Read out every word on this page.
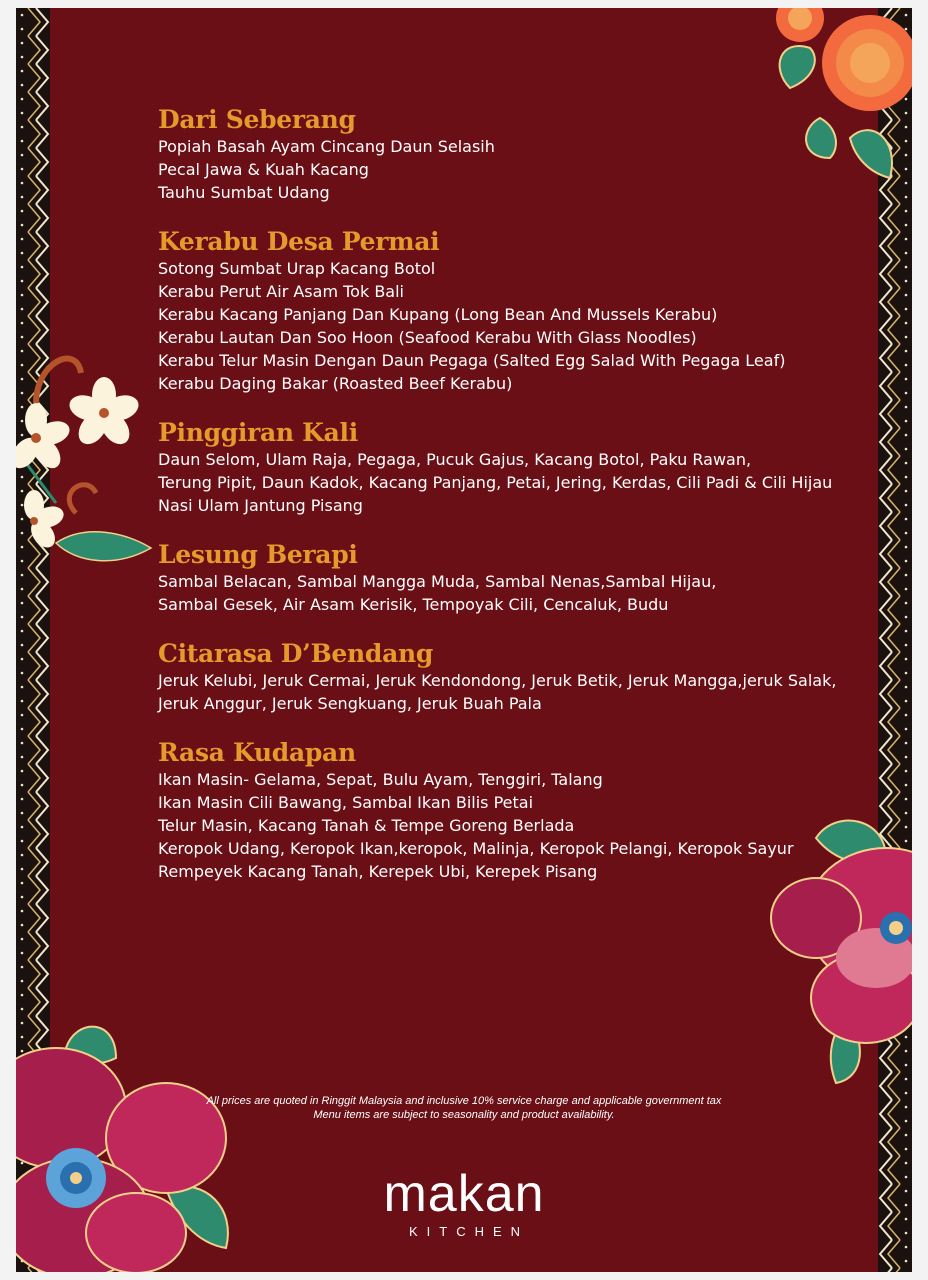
Dari Seberang
Popiah Basah Ayam Cincang Daun Selasih
Pecal Jawa & Kuah Kacang
Tauhu Sumbat Udang
Kerabu Desa Permai
Sotong Sumbat Urap Kacang Botol
Kerabu Perut Air Asam Tok Bali
Kerabu Kacang Panjang Dan Kupang (Long Bean And Mussels Kerabu)
Kerabu Lautan Dan Soo Hoon (Seafood Kerabu With Glass Noodles)
Kerabu Telur Masin Dengan Daun Pegaga (Salted Egg Salad With Pegaga Leaf)
Kerabu Daging Bakar (Roasted Beef Kerabu)
Pinggiran Kali
Daun Selom, Ulam Raja, Pegaga, Pucuk Gajus, Kacang Botol, Paku Rawan,
Terung Pipit, Daun Kadok, Kacang Panjang, Petai, Jering, Kerdas, Cili Padi & Cili Hijau
Nasi Ulam Jantung Pisang
Lesung Berapi
Sambal Belacan, Sambal Mangga Muda, Sambal Nenas,Sambal Hijau,
Sambal Gesek, Air Asam Kerisik, Tempoyak Cili, Cencaluk, Budu
Citarasa D’Bendang
Jeruk Kelubi, Jeruk Cermai, Jeruk Kendondong, Jeruk Betik, Jeruk Mangga,jeruk Salak,
Jeruk Anggur, Jeruk Sengkuang, Jeruk Buah Pala
Rasa Kudapan
Ikan Masin- Gelama, Sepat, Bulu Ayam, Tenggiri, Talang
Ikan Masin Cili Bawang, Sambal Ikan Bilis Petai
Telur Masin, Kacang Tanah & Tempe Goreng Berlada
Keropok Udang, Keropok Ikan,keropok, Malinja, Keropok Pelangi, Keropok Sayur
Rempeyek Kacang Tanah, Kerepek Ubi, Kerepek Pisang
All prices are quoted in Ringgit Malaysia and inclusive 10% service charge and applicable government tax
Menu items are subject to seasonality and product availability.
makan
KITCHEN
